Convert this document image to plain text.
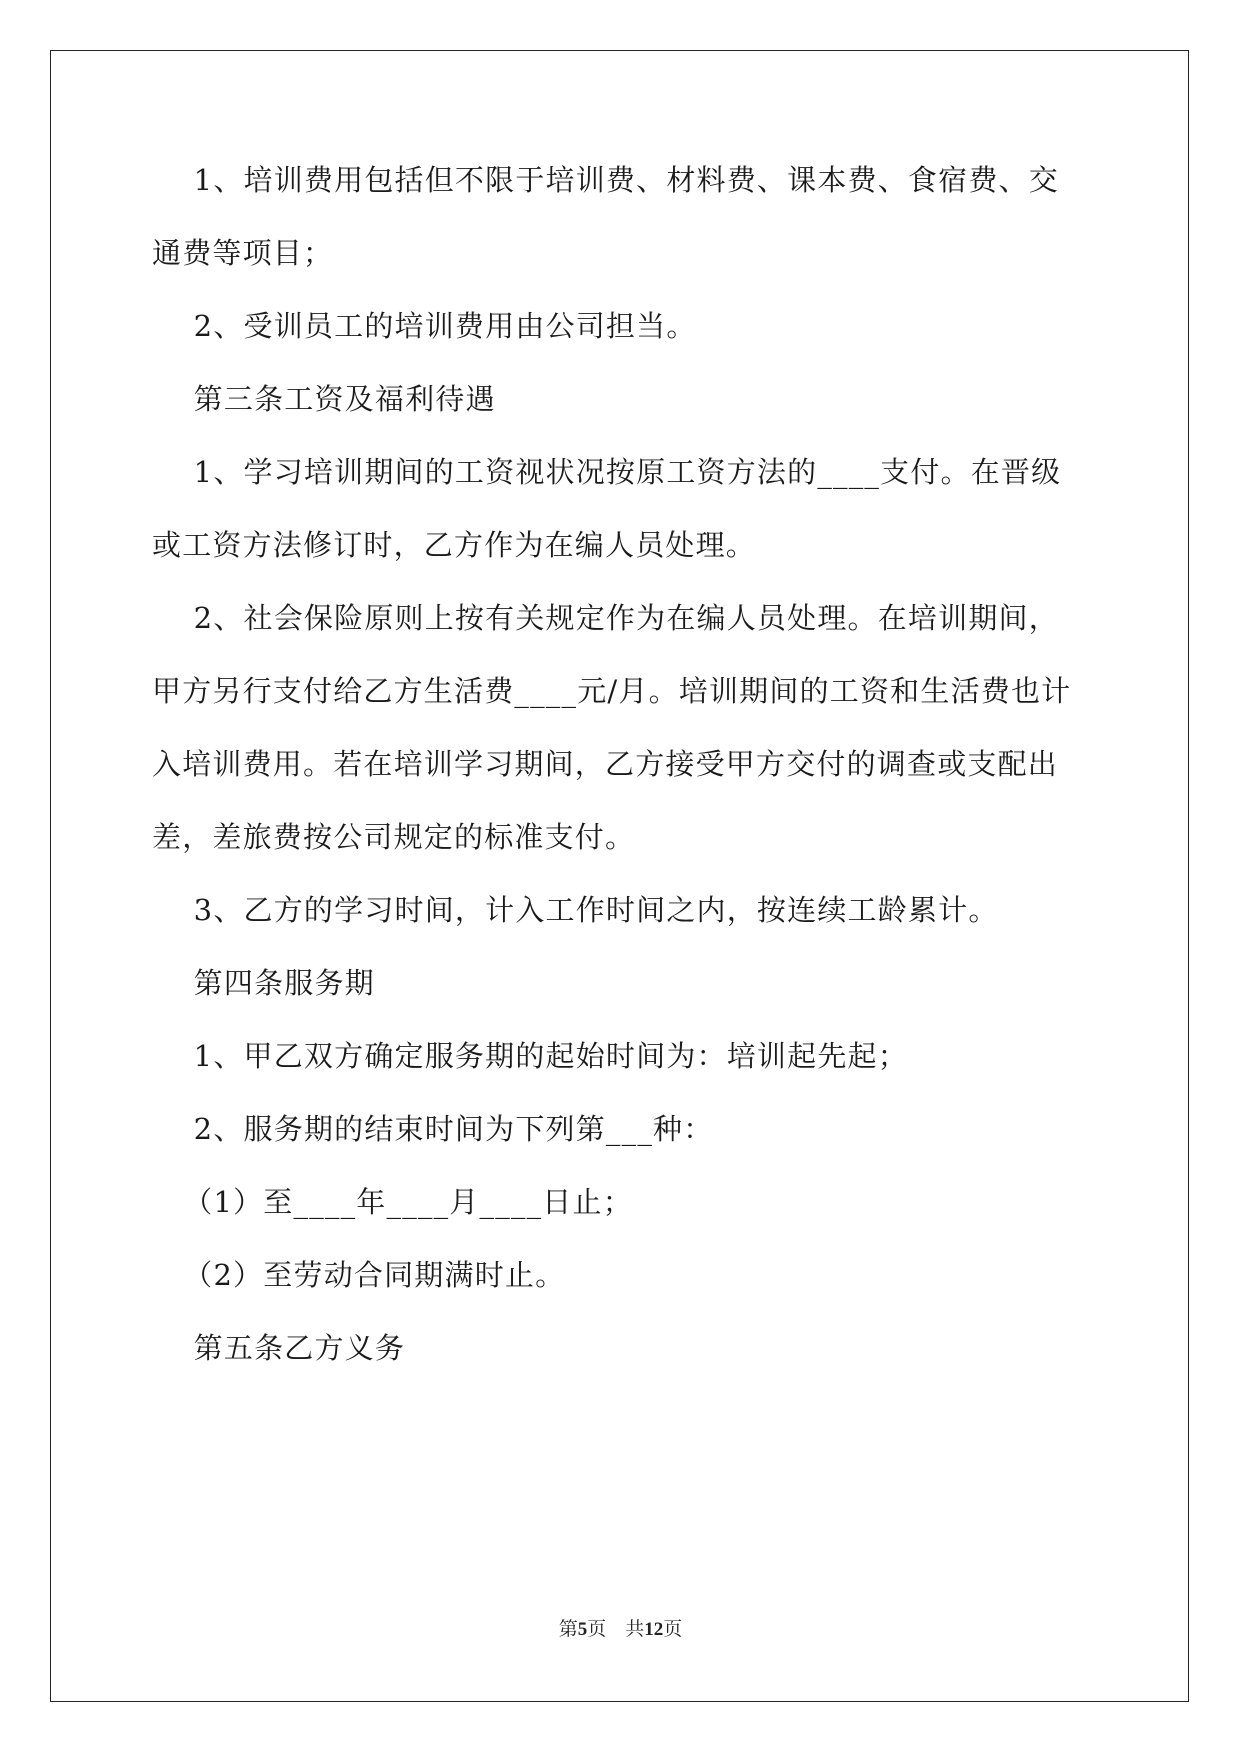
1、培训费用包括但不限于培训费、材料费、课本费、食宿费、交
通费等项目；
2、受训员工的培训费用由公司担当。
第三条工资及福利待遇
1、学习培训期间的工资视状况按原工资方法的____支付。在晋级
或工资方法修订时，乙方作为在编人员处理。
2、社会保险原则上按有关规定作为在编人员处理。在培训期间，
甲方另行支付给乙方生活费____元/月。培训期间的工资和生活费也计
入培训费用。若在培训学习期间，乙方接受甲方交付的调查或支配出
差，差旅费按公司规定的标准支付。
3、乙方的学习时间，计入工作时间之内，按连续工龄累计。
第四条服务期
1、甲乙双方确定服务期的起始时间为：培训起先起；
2、服务期的结束时间为下列第___种：
（1）至____年____月____日止；
（2）至劳动合同期满时止。
第五条乙方义务
第5页    共12页
